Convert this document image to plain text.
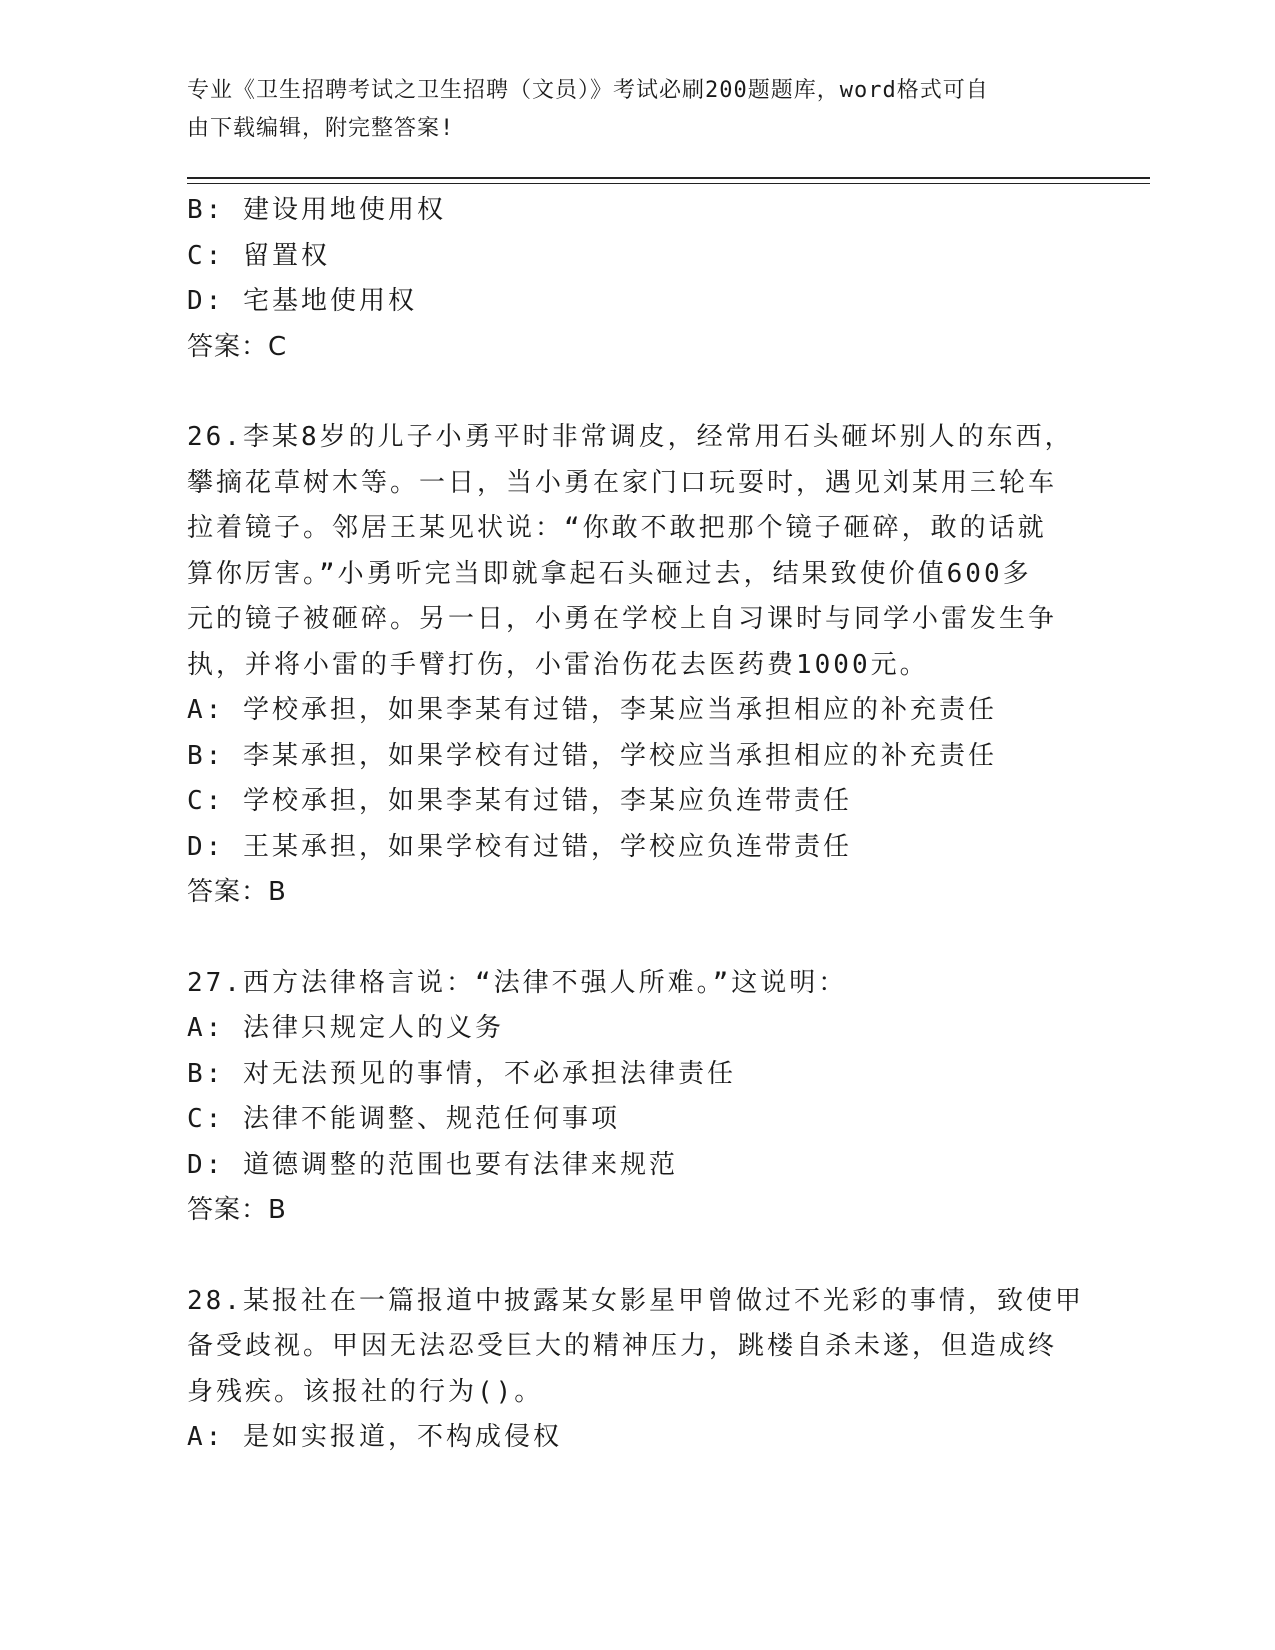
专业《卫生招聘考试之卫生招聘（文员）》考试必刷200题题库，word格式可自
由下载编辑，附完整答案!
B: 建设用地使用权
C: 留置权
D: 宅基地使用权
答案：C
26.李某8岁的儿子小勇平时非常调皮，经常用石头砸坏别人的东西，
攀摘花草树木等。一日，当小勇在家门口玩耍时，遇见刘某用三轮车
拉着镜子。邻居王某见状说：“你敢不敢把那个镜子砸碎，敢的话就
算你厉害。”小勇听完当即就拿起石头砸过去，结果致使价值600多
元的镜子被砸碎。另一日，小勇在学校上自习课时与同学小雷发生争
执，并将小雷的手臂打伤，小雷治伤花去医药费1000元。
A: 学校承担，如果李某有过错，李某应当承担相应的补充责任
B: 李某承担，如果学校有过错，学校应当承担相应的补充责任
C: 学校承担，如果李某有过错，李某应负连带责任
D: 王某承担，如果学校有过错，学校应负连带责任
答案：B
27.西方法律格言说：“法律不强人所难。”这说明：
A: 法律只规定人的义务
B: 对无法预见的事情，不必承担法律责任
C: 法律不能调整、规范任何事项
D: 道德调整的范围也要有法律来规范
答案：B
28.某报社在一篇报道中披露某女影星甲曾做过不光彩的事情，致使甲
备受歧视。甲因无法忍受巨大的精神压力，跳楼自杀未遂，但造成终
身残疾。该报社的行为()。
A: 是如实报道，不构成侵权
